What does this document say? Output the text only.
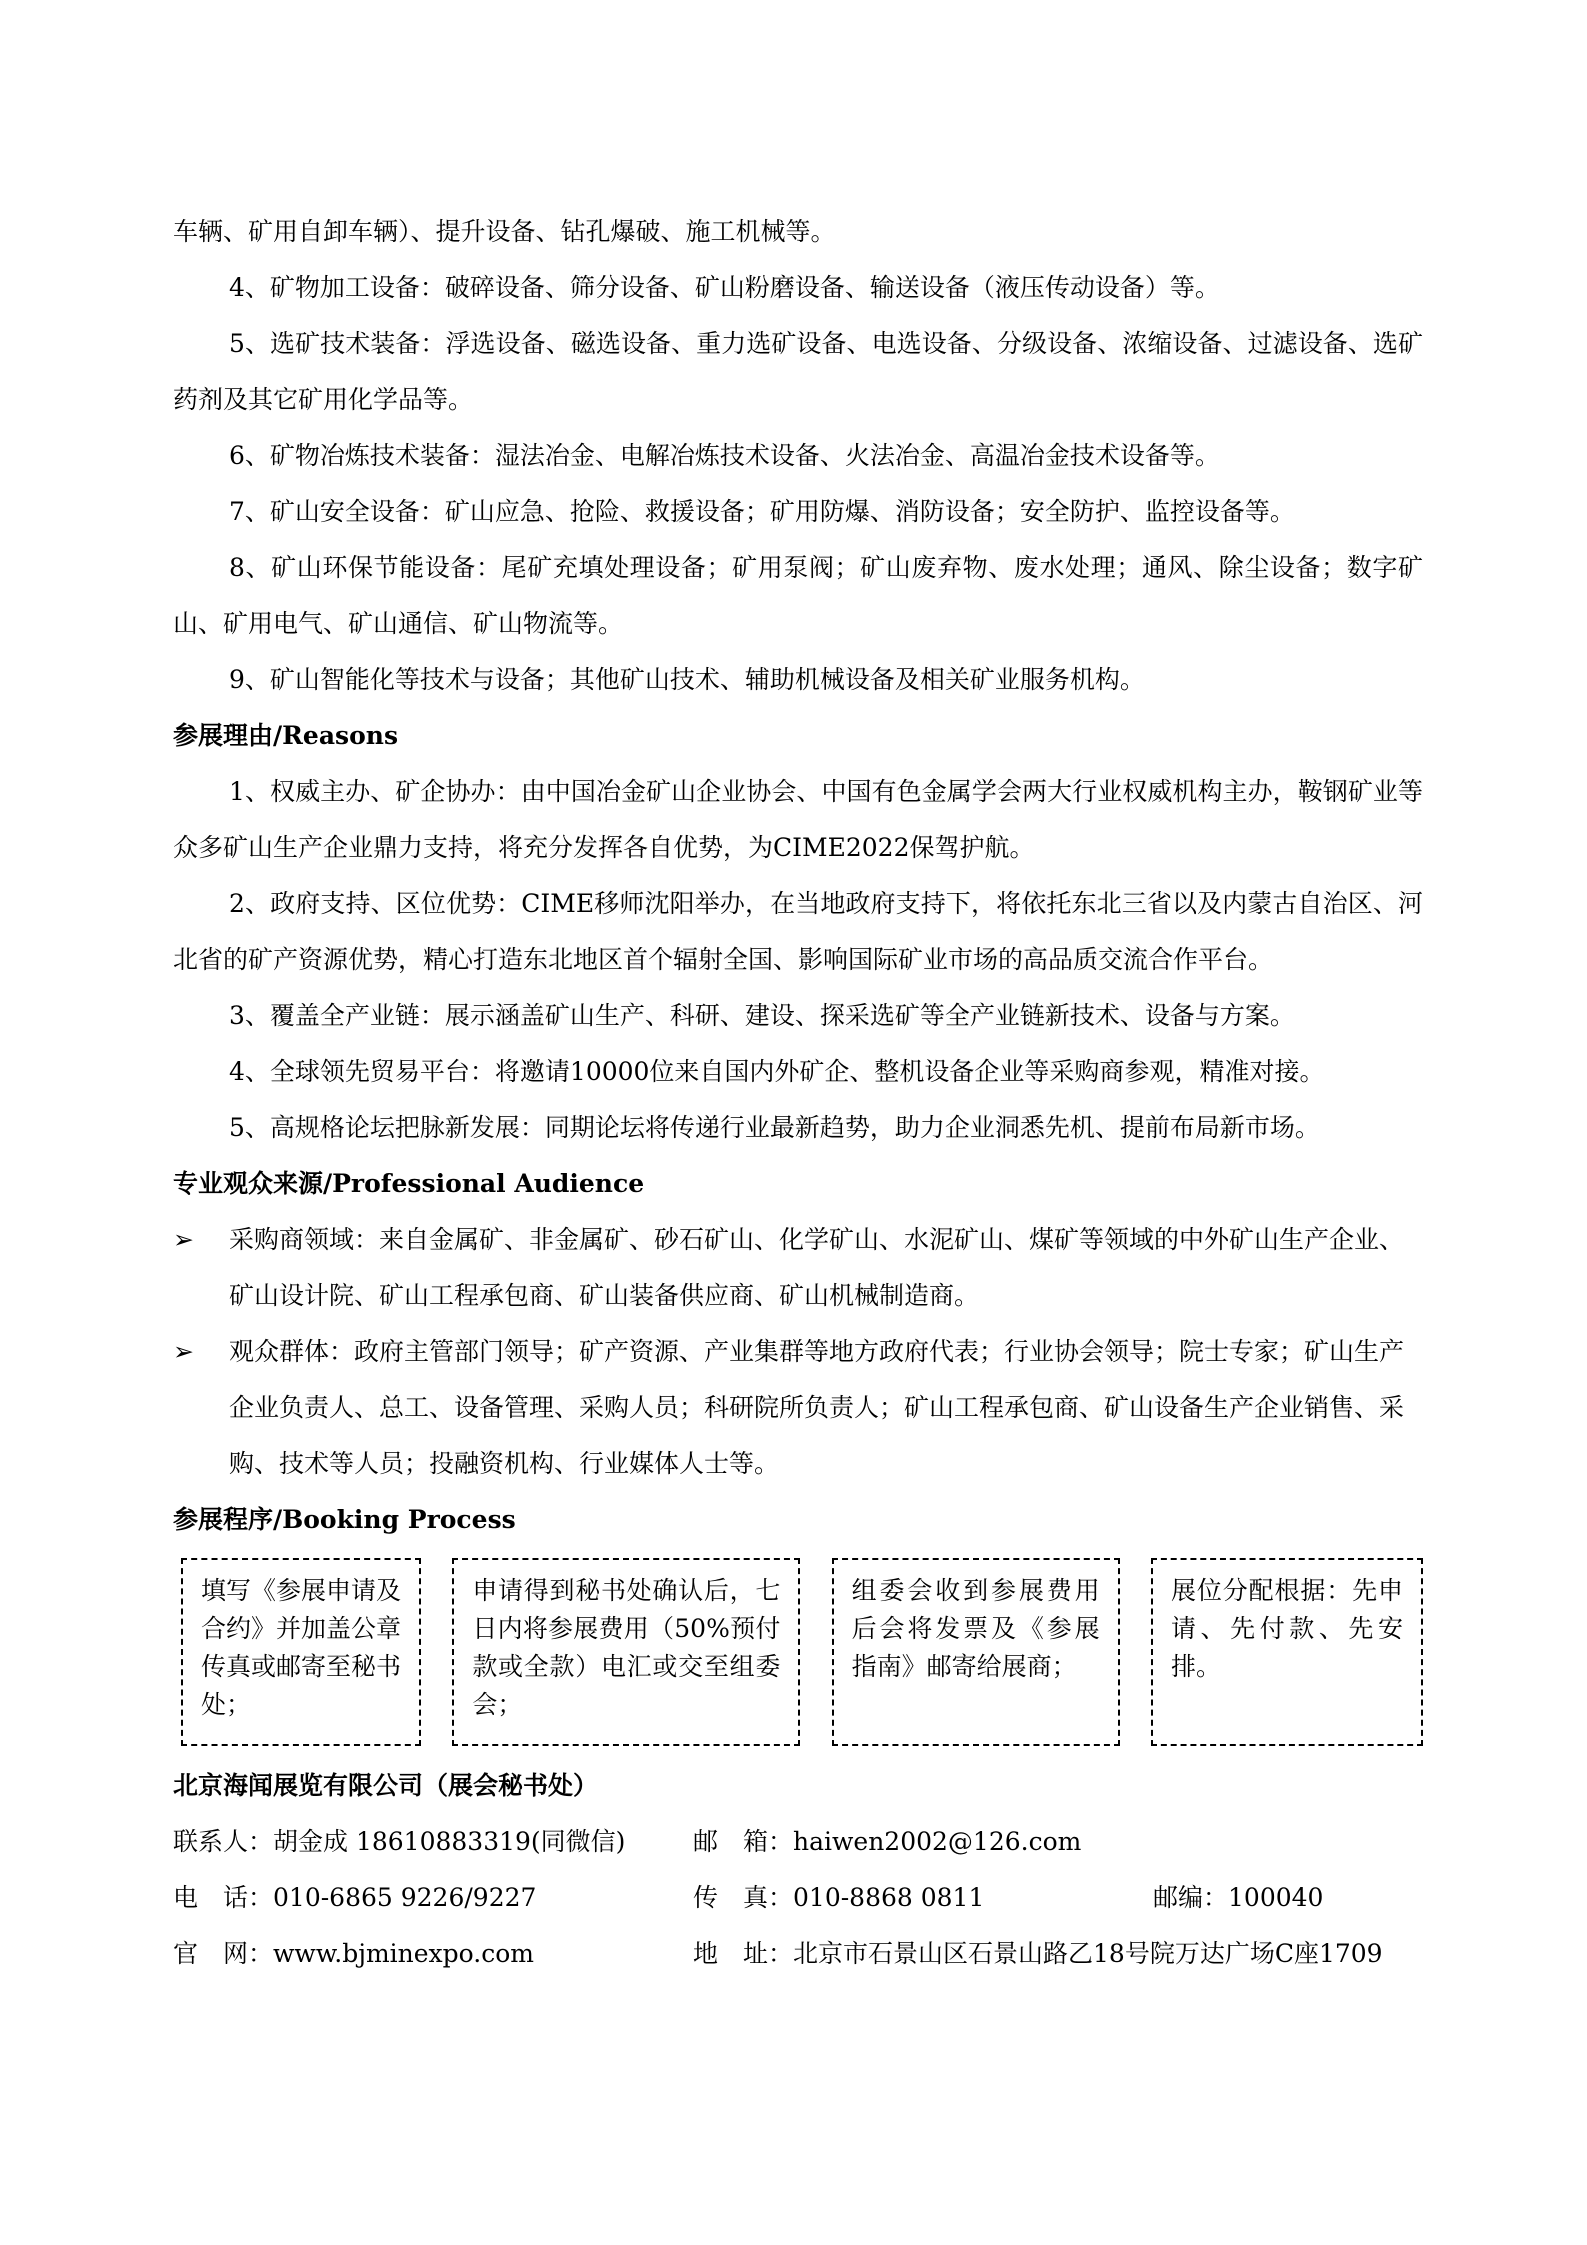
车辆、矿用自卸车辆）、提升设备、钻孔爆破、施工机械等。

4、矿物加工设备：破碎设备、筛分设备、矿山粉磨设备、输送设备（液压传动设备）等。

5、选矿技术装备：浮选设备、磁选设备、重力选矿设备、电选设备、分级设备、浓缩设备、过滤设备、选矿药剂及其它矿用化学品等。

6、矿物冶炼技术装备：湿法冶金、电解冶炼技术设备、火法冶金、高温冶金技术设备等。

7、矿山安全设备：矿山应急、抢险、救援设备；矿用防爆、消防设备；安全防护、监控设备等。

8、矿山环保节能设备：尾矿充填处理设备；矿用泵阀；矿山废弃物、废水处理；通风、除尘设备；数字矿山、矿用电气、矿山通信、矿山物流等。

9、矿山智能化等技术与设备；其他矿山技术、辅助机械设备及相关矿业服务机构。

参展理由/Reasons

1、权威主办、矿企协办：由中国冶金矿山企业协会、中国有色金属学会两大行业权威机构主办，鞍钢矿业等众多矿山生产企业鼎力支持，将充分发挥各自优势，为CIME2022保驾护航。

2、政府支持、区位优势：CIME移师沈阳举办，在当地政府支持下，将依托东北三省以及内蒙古自治区、河北省的矿产资源优势，精心打造东北地区首个辐射全国、影响国际矿业市场的高品质交流合作平台。

3、覆盖全产业链：展示涵盖矿山生产、科研、建设、探采选矿等全产业链新技术、设备与方案。

4、全球领先贸易平台：将邀请10000位来自国内外矿企、整机设备企业等采购商参观，精准对接。

5、高规格论坛把脉新发展：同期论坛将传递行业最新趋势，助力企业洞悉先机、提前布局新市场。

专业观众来源/Professional Audience

➢	采购商领域：来自金属矿、非金属矿、砂石矿山、化学矿山、水泥矿山、煤矿等领域的中外矿山生产企业、矿山设计院、矿山工程承包商、矿山装备供应商、矿山机械制造商。
➢	观众群体：政府主管部门领导；矿产资源、产业集群等地方政府代表；行业协会领导；院士专家；矿山生产企业负责人、总工、设备管理、采购人员；科研院所负责人；矿山工程承包商、矿山设备生产企业销售、采购、技术等人员；投融资机构、行业媒体人士等。

参展程序/Booking Process

填写《参展申请及合约》并加盖公章传真或邮寄至秘书处；
申请得到秘书处确认后，七日内将参展费用（50%预付款或全款）电汇或交至组委会；
组委会收到参展费用后会将发票及《参展指南》邮寄给展商；
展位分配根据：先申请、先付款、先安排。

北京海闻展览有限公司（展会秘书处）

联系人：胡金成 18610883319(同微信)	邮　箱：haiwen2002@126.com
电　话：010-6865 9226/9227	传　真：010-8868 0811	邮编：100040
官　网：www.bjminexpo.com	地　址：北京市石景山区石景山路乙18号院万达广场C座1709
